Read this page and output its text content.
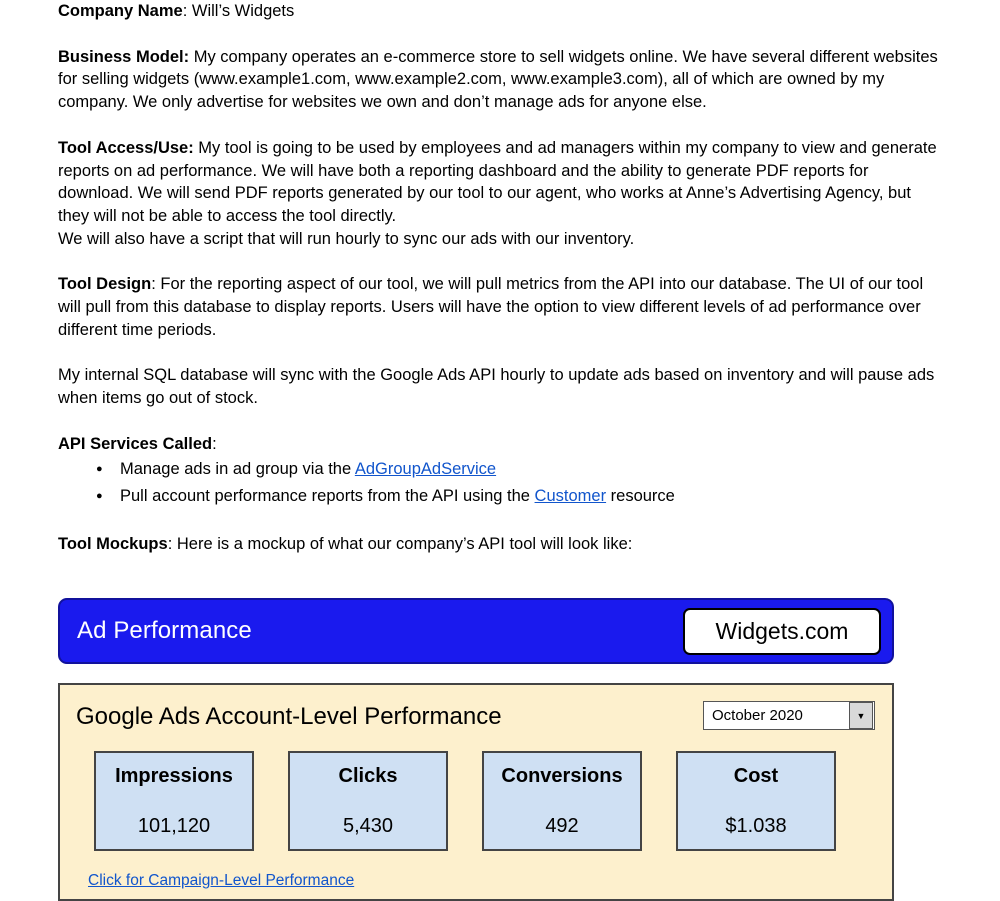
Company Name: Will’s Widgets

Business Model: My company operates an e-commerce store to sell widgets online. We have several different websites for selling widgets (www.example1.com, www.example2.com, www.example3.com), all of which are owned by my company. We only advertise for websites we own and don’t manage ads for anyone else.

Tool Access/Use: My tool is going to be used by employees and ad managers within my company to view and generate reports on ad performance. We will have both a reporting dashboard and the ability to generate PDF reports for download. We will send PDF reports generated by our tool to our agent, who works at Anne’s Advertising Agency, but they will not be able to access the tool directly.

We will also have a script that will run hourly to sync our ads with our inventory.

Tool Design: For the reporting aspect of our tool, we will pull metrics from the API into our database. The UI of our tool will pull from this database to display reports. Users will have the option to view different levels of ad performance over different time periods.

My internal SQL database will sync with the Google Ads API hourly to update ads based on inventory and will pause ads when items go out of stock.

API Services Called:

● Manage ads in ad group via the AdGroupAdService
● Pull account performance reports from the API using the Customer resource

Tool Mockups: Here is a mockup of what our company’s API tool will look like:

Ad Performance	Widgets.com
Google Ads Account-Level Performance	October 2020	▼
Impressions
101,120
Clicks
5,430
Conversions
492
Cost
$1.038
Click for Campaign-Level Performance
